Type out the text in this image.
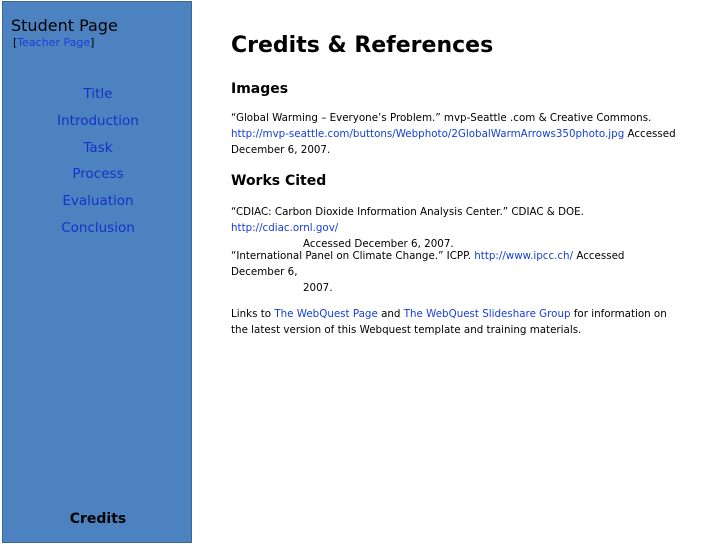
Student Page
[Teacher Page]
Title
Introduction
Task
Process
Evaluation
Conclusion
Credits
Credits & References
Images

“Global Warming – Everyone’s Problem.” mvp-Seattle .com & Creative Commons.
http://mvp-seattle.com/buttons/Webphoto/2GlobalWarmArrows350photo.jpg Accessed December 6, 2007.

Works Cited

“CDIAC: Carbon Dioxide Information Analysis Center.” CDIAC & DOE. http://cdiac.ornl.gov/
Accessed December 6, 2007.

“International Panel on Climate Change.” ICPP. http://www.ipcc.ch/ Accessed December 6,
2007.

Links to The WebQuest Page and The WebQuest Slideshare Group for information on the latest version of this Webquest template and training materials.
